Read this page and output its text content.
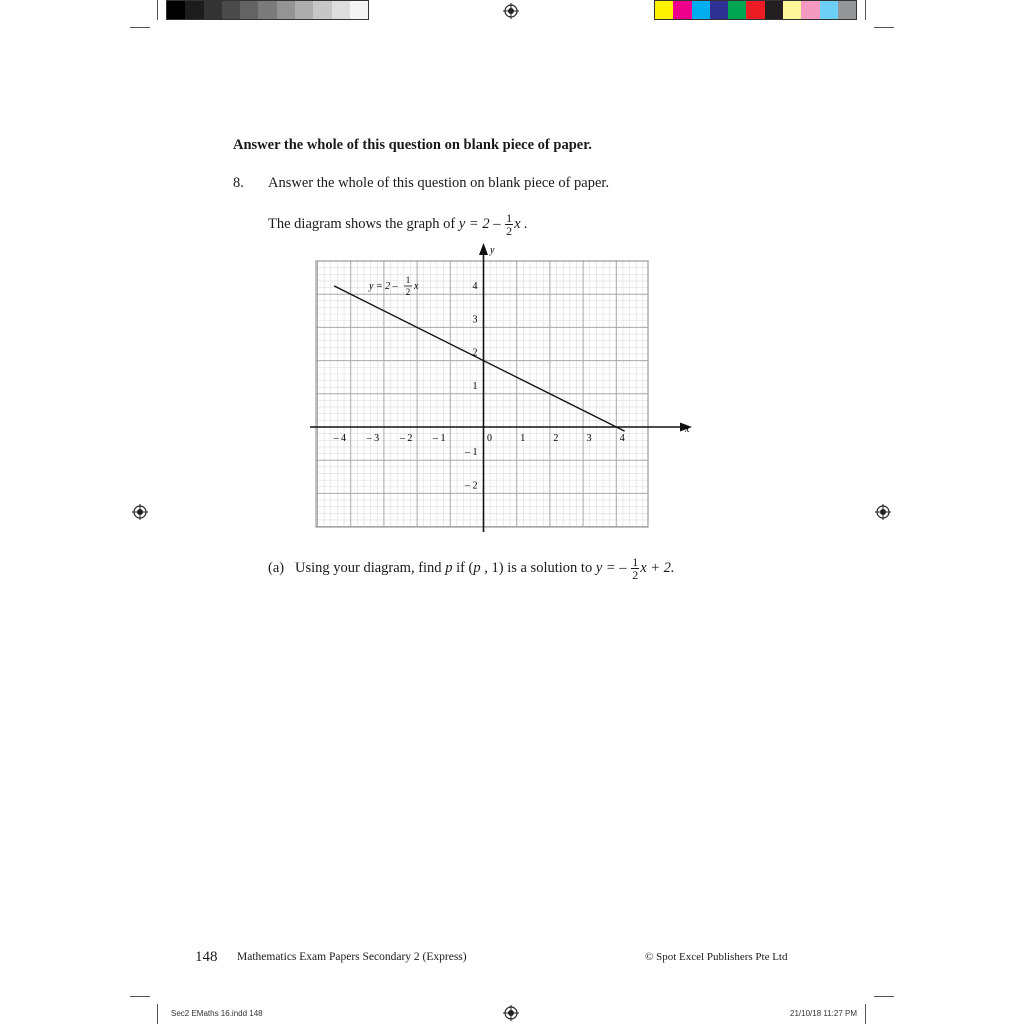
Answer the whole of this question on blank piece of paper.
8. Answer the whole of this question on blank piece of paper.
The diagram shows the graph of $y = 2 - \frac{1}{2}$ x .
x
y
– 4 – 3 – 2 – 1	0	1	2	3	4
4
3
2
1
– 1
– 2
y = 2 –
1
2 x
(a) Using your diagram, find p if (p , 1) is a solution to y = – $\frac{1}{2}$ x + 2.
148 Mathematics Exam Papers Secondary 2 (Express)	© Spot Excel Publishers Pte Ltd
Sec2 EMaths 16.indd 148	21/10/18 11:27 PM
